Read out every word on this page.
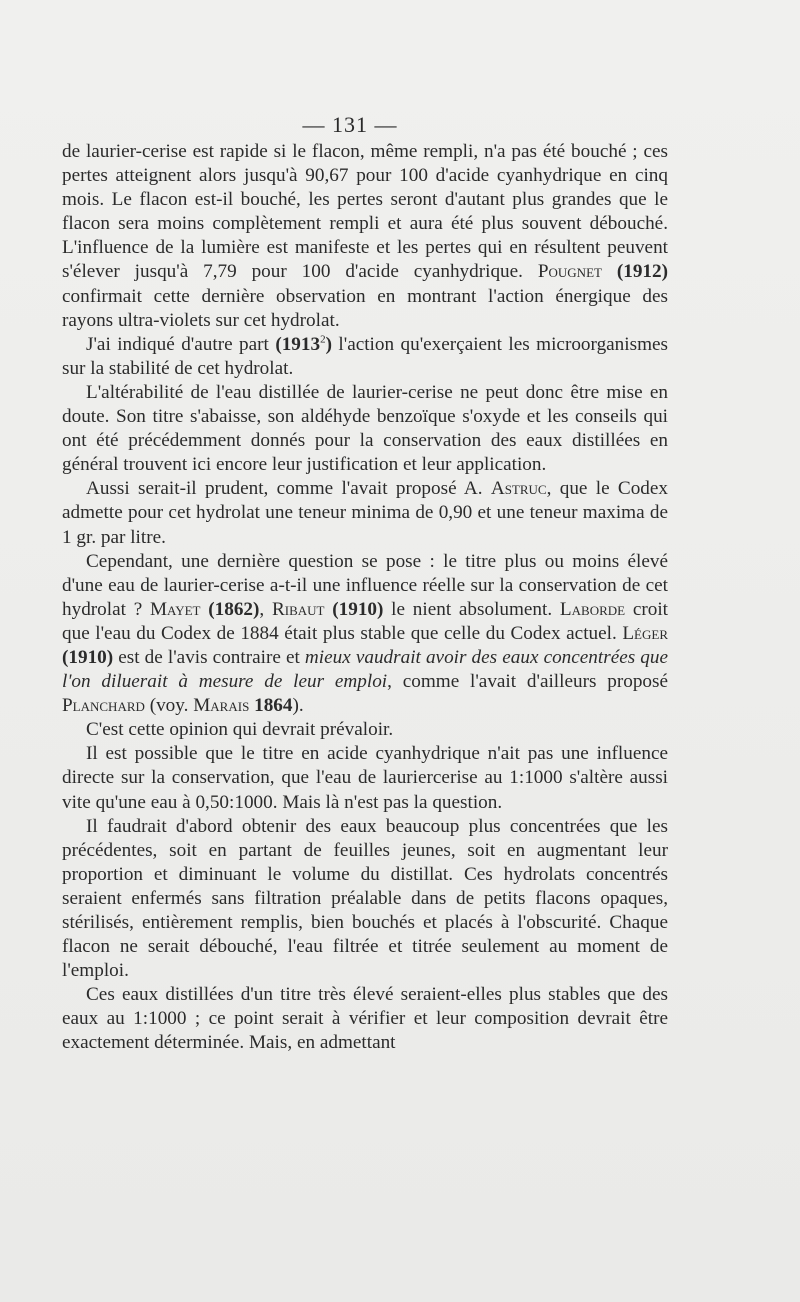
— 131 —

de laurier-cerise est rapide si le flacon, même rempli, n'a pas été bouché ; ces pertes atteignent alors jusqu'à 90,67 pour 100 d'acide cyanhydrique en cinq mois. Le flacon est-il bouché, les pertes seront d'autant plus grandes que le flacon sera moins complètement rempli et aura été plus souvent débouché. L'influence de la lumière est manifeste et les pertes qui en résultent peuvent s'élever jusqu'à 7,79 pour 100 d'acide cyanhydrique. Pougnet (1912) confirmait cette dernière observation en montrant l'action énergique des rayons ultra-violets sur cet hydrolat.

J'ai indiqué d'autre part (1913$^2$) l'action qu'exerçaient les microorganismes sur la stabilité de cet hydrolat.

L'altérabilité de l'eau distillée de laurier-cerise ne peut donc être mise en doute. Son titre s'abaisse, son aldéhyde benzoïque s'oxyde et les conseils qui ont été précédemment donnés pour la conservation des eaux distillées en général trouvent ici encore leur justification et leur application.

Aussi serait-il prudent, comme l'avait proposé A. Astruc, que le Codex admette pour cet hydrolat une teneur minima de 0,90 et une teneur maxima de 1 gr. par litre.

Cependant, une dernière question se pose : le titre plus ou moins élevé d'une eau de laurier-cerise a-t-il une influence réelle sur la conservation de cet hydrolat ? Mayet (1862), Ribaut (1910) le nient absolument. Laborde croit que l'eau du Codex de 1884 était plus stable que celle du Codex actuel. Léger (1910) est de l'avis contraire et mieux vaudrait avoir des eaux concentrées que l'on diluerait à mesure de leur emploi, comme l'avait d'ailleurs proposé Planchard (voy. Marais 1864).

C'est cette opinion qui devrait prévaloir.

Il est possible que le titre en acide cyanhydrique n'ait pas une influence directe sur la conservation, que l'eau de lauriercerise au 1:1000 s'altère aussi vite qu'une eau à 0,50:1000. Mais là n'est pas la question.

Il faudrait d'abord obtenir des eaux beaucoup plus concentrées que les précédentes, soit en partant de feuilles jeunes, soit en augmentant leur proportion et diminuant le volume du distillat. Ces hydrolats concentrés seraient enfermés sans filtration préalable dans de petits flacons opaques, stérilisés, entièrement remplis, bien bouchés et placés à l'obscurité. Chaque flacon ne serait débouché, l'eau filtrée et titrée seulement au moment de l'emploi.

Ces eaux distillées d'un titre très élevé seraient-elles plus stables que des eaux au 1:1000 ; ce point serait à vérifier et leur composition devrait être exactement déterminée. Mais, en admettant
